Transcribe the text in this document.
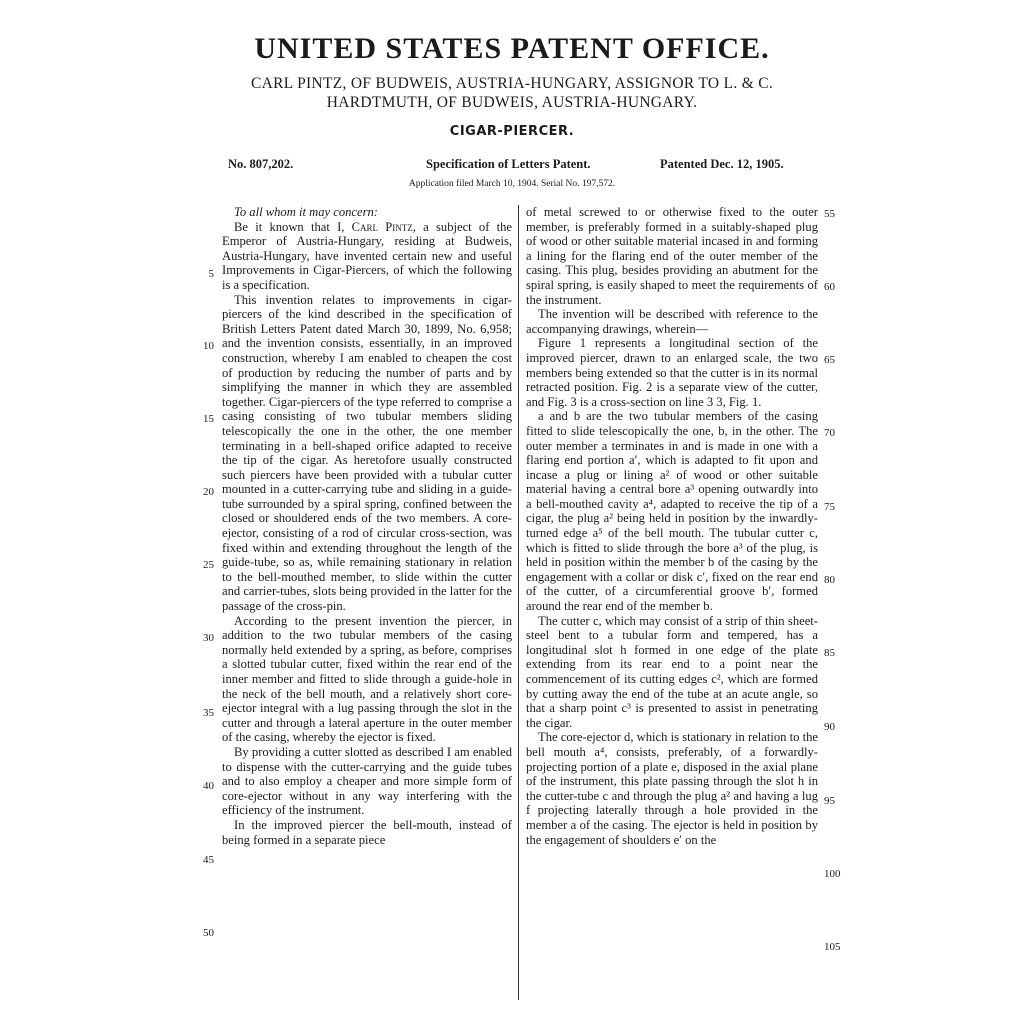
UNITED STATES PATENT OFFICE.
CARL PINTZ, OF BUDWEIS, AUSTRIA-HUNGARY, ASSIGNOR TO L. & C.
HARDTMUTH, OF BUDWEIS, AUSTRIA-HUNGARY.
CIGAR-PIERCER.
No. 807,202.	Specification of Letters Patent.	Patented Dec. 12, 1905.
Application filed March 10, 1904. Serial No. 197,572.

To all whom it may concern:

Be it known that I, Carl Pintz, a subject of the Emperor of Austria-Hungary, residing at Budweis, Austria-Hungary, have invented certain new and useful Improvements in Cigar-Piercers, of which the following is a specification.

This invention relates to improvements in cigar-piercers of the kind described in the specification of British Letters Patent dated March 30, 1899, No. 6,958; and the invention consists, essentially, in an improved construction, whereby I am enabled to cheapen the cost of production by reducing the number of parts and by simplifying the manner in which they are assembled together. Cigar-piercers of the type referred to comprise a casing consisting of two tubular members sliding telescopically the one in the other, the one member terminating in a bell-shaped orifice adapted to receive the tip of the cigar. As heretofore usually constructed such piercers have been provided with a tubular cutter mounted in a cutter-carrying tube and sliding in a guide-tube surrounded by a spiral spring, confined between the closed or shouldered ends of the two members. A core-ejector, consisting of a rod of circular cross-section, was fixed within and extending throughout the length of the guide-tube, so as, while remaining stationary in relation to the bell-mouthed member, to slide within the cutter and carrier-tubes, slots being provided in the latter for the passage of the cross-pin.

According to the present invention the piercer, in addition to the two tubular members of the casing normally held extended by a spring, as before, comprises a slotted tubular cutter, fixed within the rear end of the inner member and fitted to slide through a guide-hole in the neck of the bell mouth, and a relatively short core-ejector integral with a lug passing through the slot in the cutter and through a lateral aperture in the outer member of the casing, whereby the ejector is fixed.

By providing a cutter slotted as described I am enabled to dispense with the cutter-carrying and the guide tubes and to also employ a cheaper and more simple form of core-ejector without in any way interfering with the efficiency of the instrument.

In the improved piercer the bell-mouth, instead of being formed in a separate piece

of metal screwed to or otherwise fixed to the outer member, is preferably formed in a suitably-shaped plug of wood or other suitable material incased in and forming a lining for the flaring end of the outer member of the casing. This plug, besides providing an abutment for the spiral spring, is easily shaped to meet the requirements of the instrument.

The invention will be described with reference to the accompanying drawings, wherein—

Figure 1 represents a longitudinal section of the improved piercer, drawn to an enlarged scale, the two members being extended so that the cutter is in its normal retracted position. Fig. 2 is a separate view of the cutter, and Fig. 3 is a cross-section on line 3 3, Fig. 1.

a and b are the two tubular members of the casing fitted to slide telescopically the one, b, in the other. The outer member a terminates in and is made in one with a flaring end portion a′, which is adapted to fit upon and incase a plug or lining a² of wood or other suitable material having a central bore a³ opening outwardly into a bell-mouthed cavity a⁴, adapted to receive the tip of a cigar, the plug a² being held in position by the inwardly-turned edge a⁵ of the bell mouth. The tubular cutter c, which is fitted to slide through the bore a³ of the plug, is held in position within the member b of the casing by the engagement with a collar or disk c′, fixed on the rear end of the cutter, of a circumferential groove b′, formed around the rear end of the member b.

The cutter c, which may consist of a strip of thin sheet-steel bent to a tubular form and tempered, has a longitudinal slot h formed in one edge of the plate extending from its rear end to a point near the commencement of its cutting edges c², which are formed by cutting away the end of the tube at an acute angle, so that a sharp point c³ is presented to assist in penetrating the cigar.

The core-ejector d, which is stationary in relation to the bell mouth a⁴, consists, preferably, of a forwardly-projecting portion of a plate e, disposed in the axial plane of the instrument, this plate passing through the slot h in the cutter-tube c and through the plug a² and having a lug f projecting laterally through a hole provided in the member a of the casing. The ejector is held in position by the engagement of shoulders e′ on the

5
10
15
20
25
30
35
40
45
50
55
60
65
70
75
80
85
90
95
100
105
